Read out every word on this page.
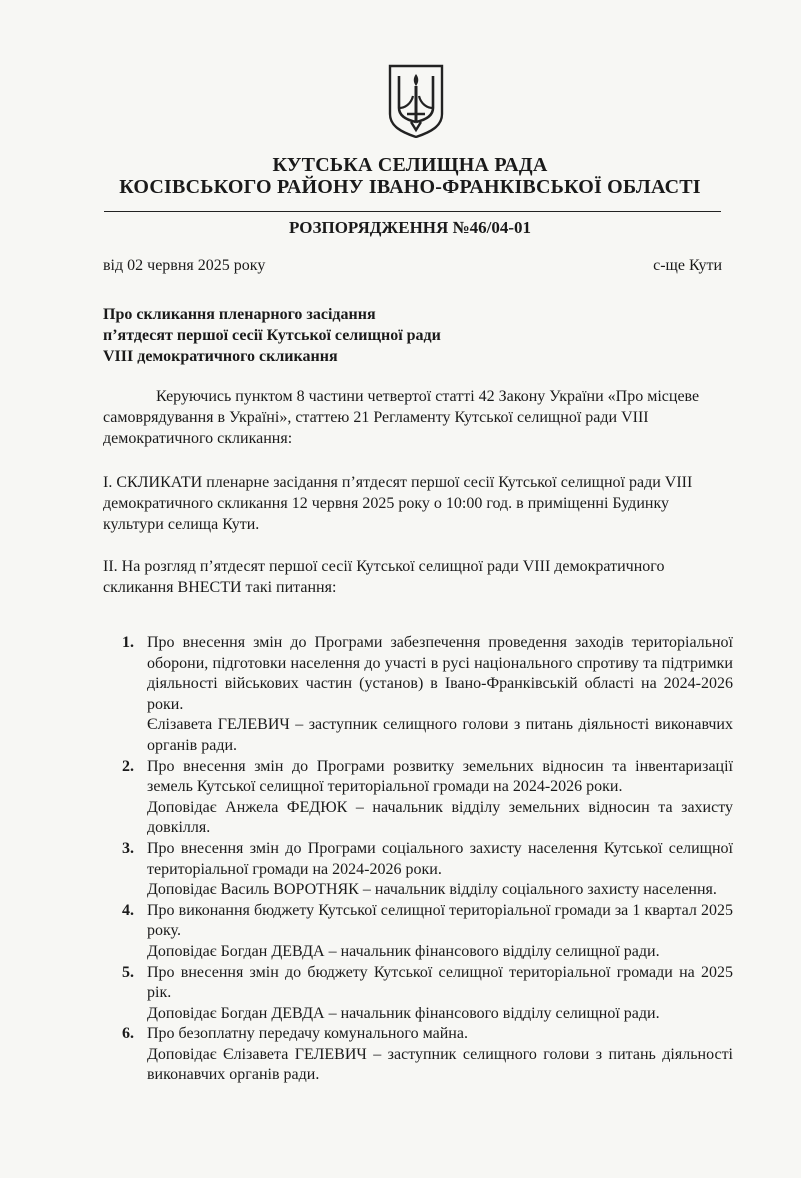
КУТСЬКА СЕЛИЩНА РАДА
КОСІВСЬКОГО РАЙОНУ ІВАНО-ФРАНКІВСЬКОЇ ОБЛАСТІ
РОЗПОРЯДЖЕННЯ №46/04-01
від 02 червня 2025 року	с-ще Кути
Про скликання пленарного засідання
п’ятдесят першої сесії Кутської селищної ради
VIII демократичного скликання
Керуючись пунктом 8 частини четвертої статті 42 Закону України «Про місцеве самоврядування в Україні», статтею 21 Регламенту Кутської селищної ради VIII демократичного скликання:
І. СКЛИКАТИ пленарне засідання п’ятдесят першої сесії Кутської селищної ради VIII демократичного скликання 12 червня 2025 року о 10:00 год. в приміщенні Будинку культури селища Кути.
ІІ. На розгляд п’ятдесят першої сесії Кутської селищної ради VIII демократичного скликання ВНЕСТИ такі питання:
1. Про внесення змін до Програми забезпечення проведення заходів територіальної оборони, підготовки населення до участі в русі національного спротиву та підтримки діяльності військових частин (установ) в Івано-Франківській області на 2024-2026 роки.
Єлізавета ГЕЛЕВИЧ – заступник селищного голови з питань діяльності виконавчих органів ради.
2. Про внесення змін до Програми розвитку земельних відносин та інвентаризації земель Кутської селищної територіальної громади на 2024-2026 роки.
Доповідає Анжела ФЕДЮК – начальник відділу земельних відносин та захисту довкілля.
3. Про внесення змін до Програми соціального захисту населення Кутської селищної територіальної громади на 2024-2026 роки.
Доповідає Василь ВОРОТНЯК – начальник відділу соціального захисту населення.
4. Про виконання бюджету Кутської селищної територіальної громади за 1 квартал 2025 року.
Доповідає Богдан ДЕВДА – начальник фінансового відділу селищної ради.
5. Про внесення змін до бюджету Кутської селищної територіальної громади на 2025 рік.
Доповідає Богдан ДЕВДА – начальник фінансового відділу селищної ради.
6. Про безоплатну передачу комунального майна.
Доповідає Єлізавета ГЕЛЕВИЧ – заступник селищного голови з питань діяльності виконавчих органів ради.
